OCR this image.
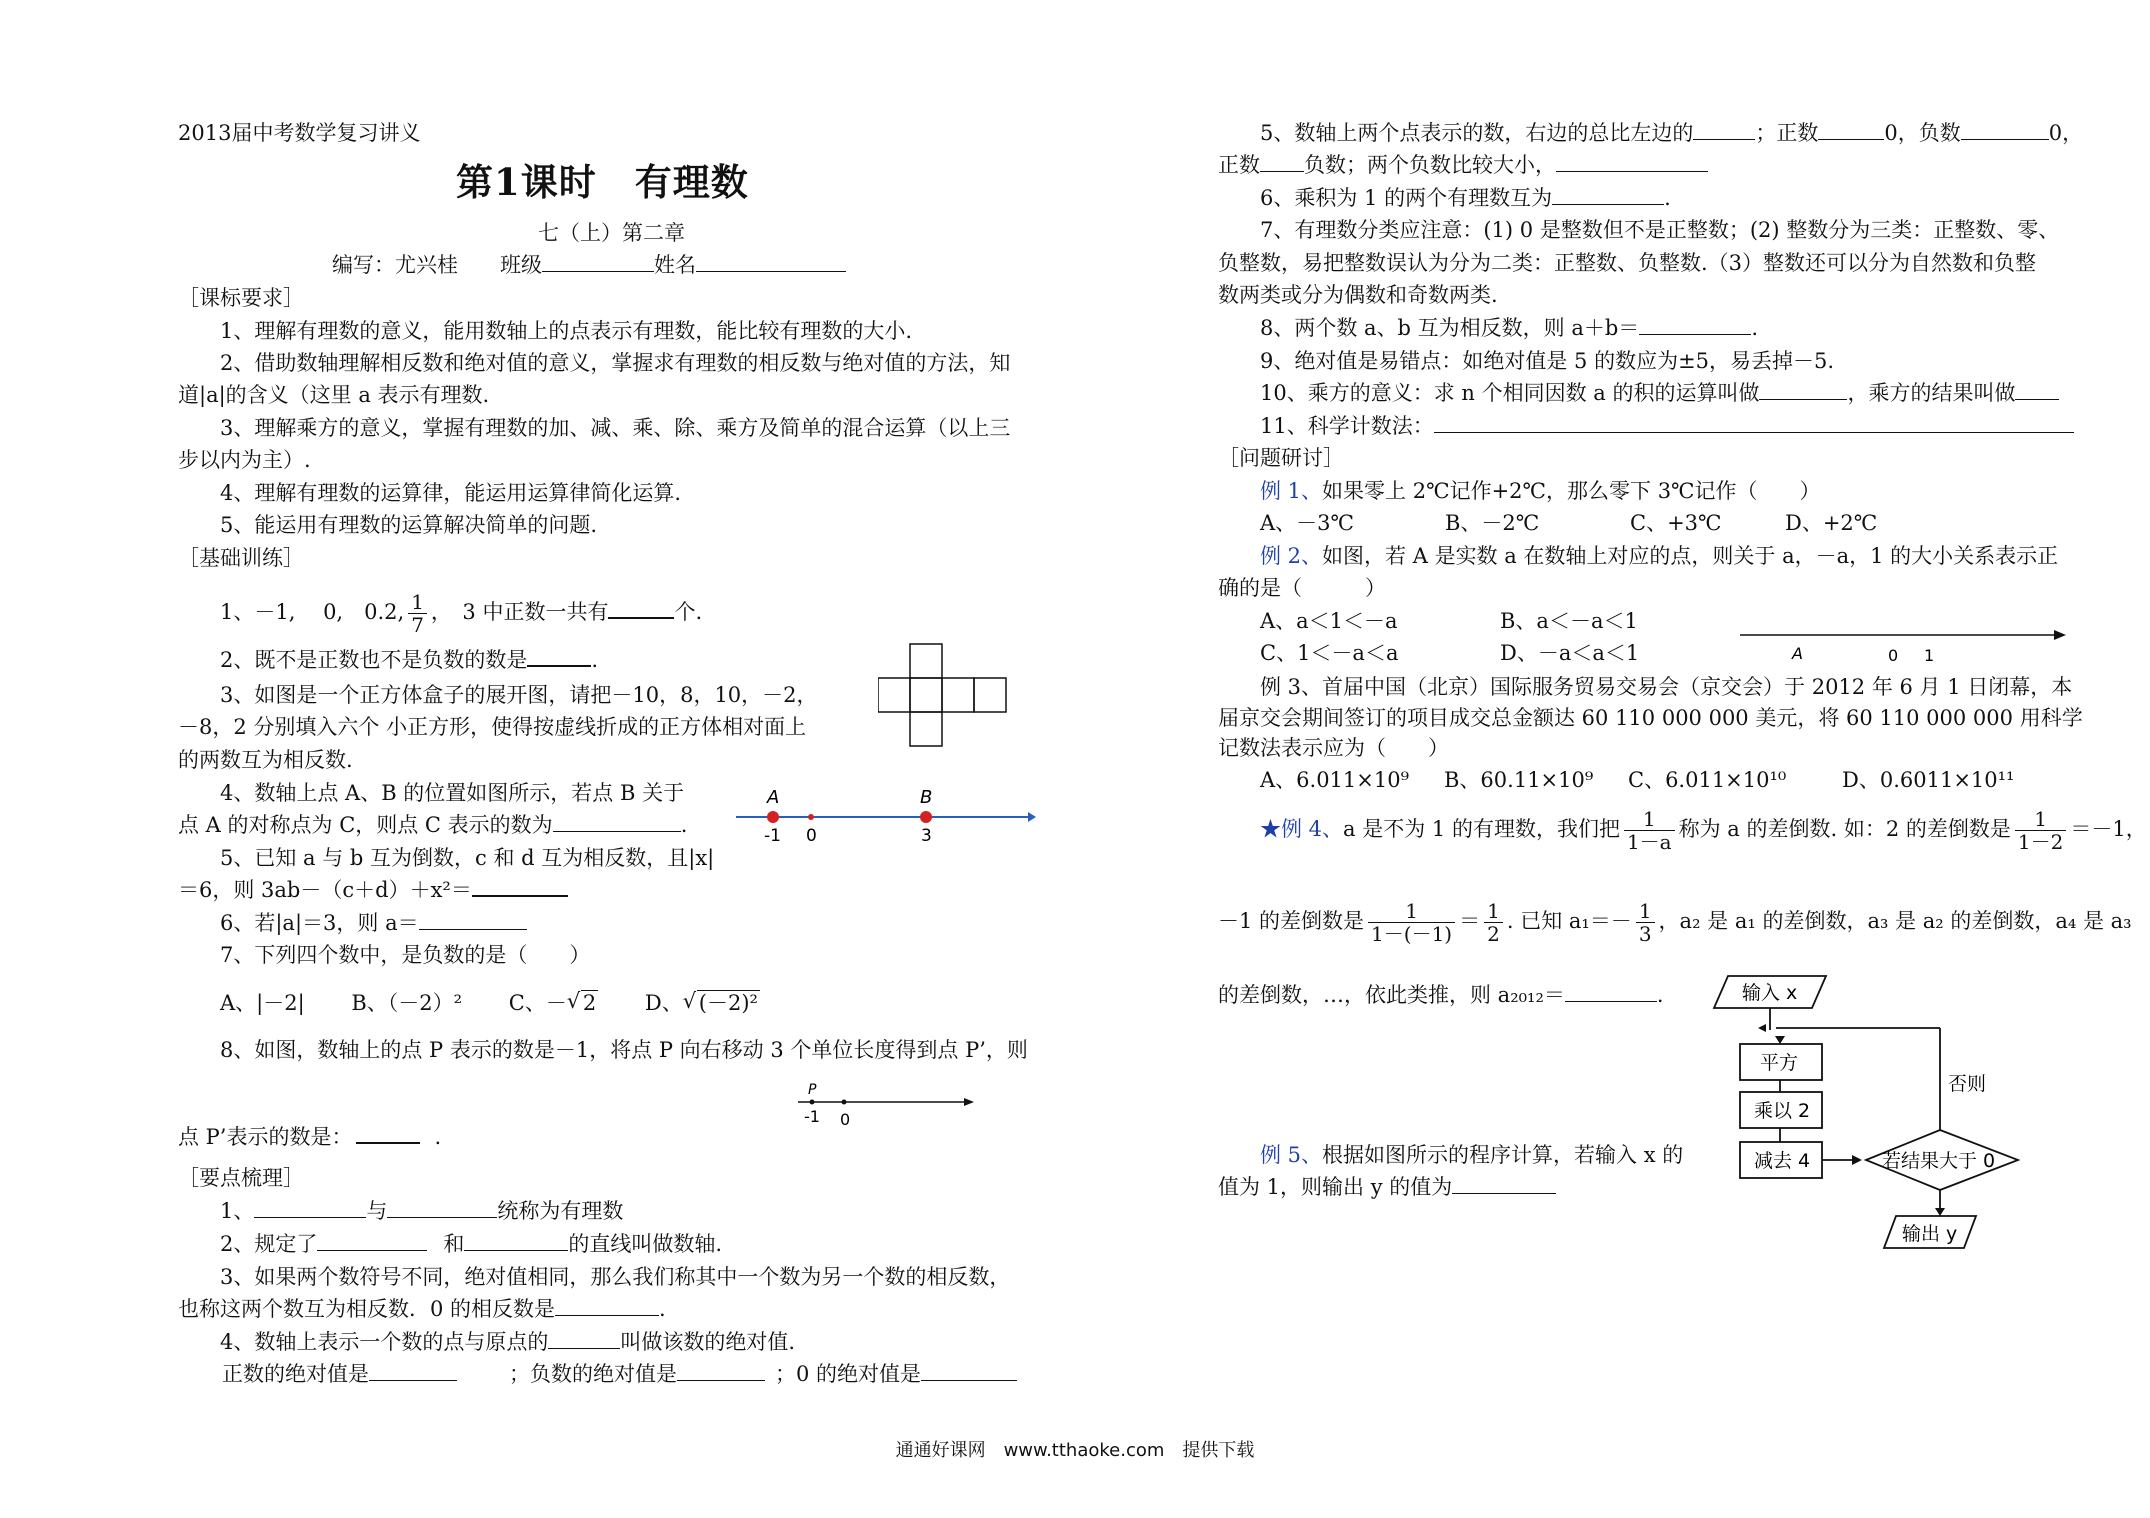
2013届中考数学复习讲义
第1课时　有理数
七（上）第二章
编写：尤兴桂　　班级	姓名
［课标要求］
1、理解有理数的意义，能用数轴上的点表示有理数，能比较有理数的大小.
2、借助数轴理解相反数和绝对值的意义，掌握求有理数的相反数与绝对值的方法，知
道|a|的含义（这里 a 表示有理数.
3、理解乘方的意义，掌握有理数的加、减、乘、除、乘方及简单的混合运算（以上三
步以内为主）.
4、理解有理数的运算律，能运用运算律简化运算.
5、能运用有理数的运算解决简单的问题.
［基础训练］
1、－1,　 0,　0.2, $\frac{1}{7}$ ，　3 中正数一共有	个.
2、既不是正数也不是负数的数是	.
3、如图是一个正方体盒子的展开图，请把－10，8，10，－2，
－8，2 分别填入六个 小正方形，使得按虚线折成的正方体相对面上
的两数互为相反数.
4、数轴上点 A、B 的位置如图所示，若点 B 关于
点 A 的对称点为 C，则点 C 表示的数为	.
A	B
-1 0	3
5、已知 a 与 b 互为倒数，c 和 d 互为相反数，且|x|
＝6，则 3ab－（c＋d）＋x²＝
6、若|a|＝3，则 a＝
7、下列四个数中，是负数的是（　　）
A、|－2| B、（－2）² C、－ √ 2 D、 √ (－2)²
8、如图，数轴上的点 P 表示的数是－1，将点 P 向右移动 3 个单位长度得到点 P’，则
P
-1 0
点 P’表示的数是：	.
［要点梳理］
1、	与	统称为有理数
2、规定了	和	的直线叫做数轴.
3、如果两个数符号不同，绝对值相同，那么我们称其中一个数为另一个数的相反数，
也称这两个数互为相反数．0 的相反数是	.
4、数轴上表示一个数的点与原点的	叫做该数的绝对值.
正数的绝对值是	；负数的绝对值是	；0 的绝对值是
5、数轴上两个点表示的数，右边的总比左边的	；正数	0，负数	0，
正数 负数；两个负数比较大小，
6、乘积为 1 的两个有理数互为	.
7、有理数分类应注意：(1) 0 是整数但不是正整数；(2) 整数分为三类：正整数、零、
负整数，易把整数误认为分为二类：正整数、负整数.（3）整数还可以分为自然数和负整
数两类或分为偶数和奇数两类.
8、两个数 a、b 互为相反数，则 a＋b＝	.
9、绝对值是易错点：如绝对值是 5 的数应为±5，易丢掉－5.
10、乘方的意义：求 n 个相同因数 a 的积的运算叫做	，乘方的结果叫做
11、科学计数法：
［问题研讨］
例 1、如果零上 2℃记作+2℃，那么零下 3℃记作（　　）
A、－3℃	B、－2℃	C、+3℃	D、+2℃
例 2、如图，若 A 是实数 a 在数轴上对应的点，则关于 a，－a，1 的大小关系表示正
确的是（　　　）
A、a＜1＜－a	B、a＜－a＜1
C、1＜－a＜a	D、－a＜a＜1	A	0 1
例 3、首届中国（北京）国际服务贸易交易会（京交会）于 2012 年 6 月 1 日闭幕，本
届京交会期间签订的项目成交总金额达 60 110 000 000 美元，将 60 110 000 000 用科学
记数法表示应为（　　）
A、6.011×10⁹ B、60.11×10⁹ C、6.011×10¹⁰	D、0.6011×10¹¹
★例 4、a 是不为 1 的有理数，我们把 $\frac{1}{1-a}$ 称为 a 的差倒数. 如：2 的差倒数是 $\frac{1}{1-2} =-1$，
－1 的差倒数是 $\frac{1}{1-(-1)} = \frac{1}{2}$ . 已知 $a_1=- \frac{1}{3}$ ，a₂ 是 a₁ 的差倒数，a₃ 是 a₂ 的差倒数，a₄ 是 a₃
的差倒数，…，依此类推，则 a₂₀₁₂＝	.
例 5、根据如图所示的程序计算，若输入 x 的
值为 1，则输出 y 的值为
输入 x
平方
乘以 2
减去 4	若结果大于 0
否则
输出 y
通通好课网　www.tthaoke.com　提供下载
